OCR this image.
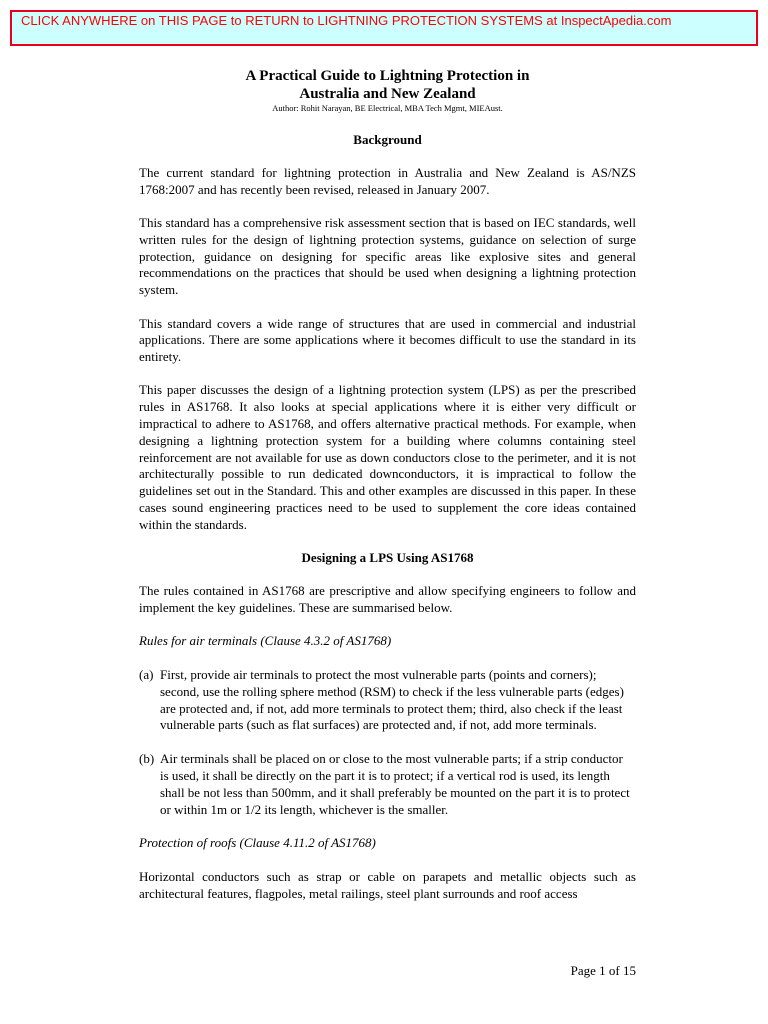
CLICK ANYWHERE on THIS PAGE to RETURN to LIGHTNING PROTECTION SYSTEMS at InspectApedia.com

A Practical Guide to Lightning Protection in

Australia and New Zealand

Author: Rohit Narayan, BE Electrical, MBA Tech Mgmt, MIEAust.

Background

The current standard for lightning protection in Australia and New Zealand is AS/NZS 1768:2007 and has recently been revised, released in January 2007.

This standard has a comprehensive risk assessment section that is based on IEC standards, well written rules for the design of lightning protection systems, guidance on selection of surge protection, guidance on designing for specific areas like explosive sites and general recommendations on the practices that should be used when designing a lightning protection system.

This standard covers a wide range of structures that are used in commercial and industrial applications. There are some applications where it becomes difficult to use the standard in its entirety.

This paper discusses the design of a lightning protection system (LPS) as per the prescribed rules in AS1768. It also looks at special applications where it is either very difficult or impractical to adhere to AS1768, and offers alternative practical methods. For example, when designing a lightning protection system for a building where columns containing steel reinforcement are not available for use as down conductors close to the perimeter, and it is not architecturally possible to run dedicated downconductors, it is impractical to follow the guidelines set out in the Standard. This and other examples are discussed in this paper. In these cases sound engineering practices need to be used to supplement the core ideas contained within the standards.

Designing a LPS Using AS1768

The rules contained in AS1768 are prescriptive and allow specifying engineers to follow and implement the key guidelines. These are summarised below.

Rules for air terminals (Clause 4.3.2 of AS1768)

(a) First, provide air terminals to protect the most vulnerable parts (points and corners); second, use the rolling sphere method (RSM) to check if the less vulnerable parts (edges) are protected and, if not, add more terminals to protect them; third, also check if the least vulnerable parts (such as flat surfaces) are protected and, if not, add more terminals.
(b) Air terminals shall be placed on or close to the most vulnerable parts; if a strip conductor is used, it shall be directly on the part it is to protect; if a vertical rod is used, its length shall be not less than 500mm, and it shall preferably be mounted on the part it is to protect or within 1m or 1/2 its length, whichever is the smaller.

Protection of roofs (Clause 4.11.2 of AS1768)

Horizontal conductors such as strap or cable on parapets and metallic objects such as architectural features, flagpoles, metal railings, steel plant surrounds and roof access

Page 1 of 15
